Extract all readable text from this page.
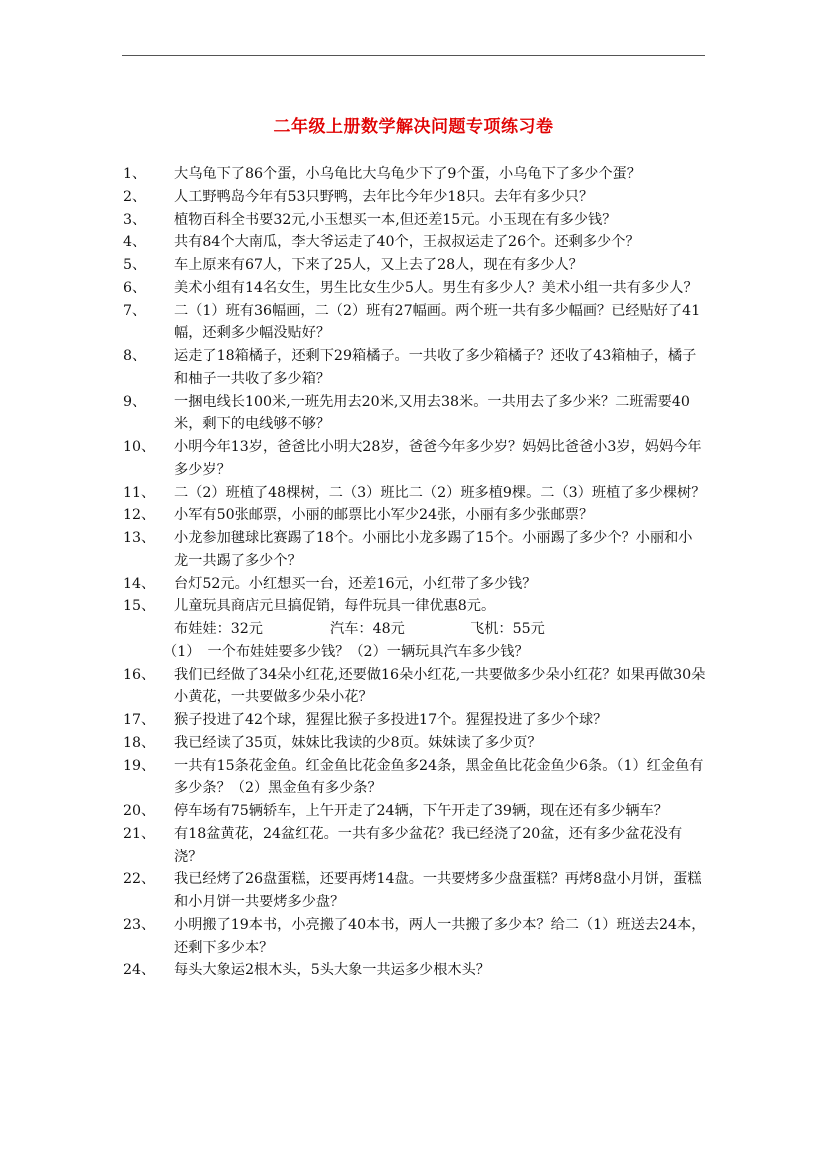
二年级上册数学解决问题专项练习卷
1、	大乌龟下了86个蛋，小乌龟比大乌龟少下了9个蛋，小乌龟下了多少个蛋？
2、	人工野鸭岛今年有53只野鸭，去年比今年少18只。去年有多少只？
3、	植物百科全书要32元,小玉想买一本,但还差15元。小玉现在有多少钱？
4、	共有84个大南瓜，李大爷运走了40个，王叔叔运走了26个。还剩多少个？
5、	车上原来有67人，下来了25人，又上去了28人，现在有多少人？
6、	美术小组有14名女生，男生比女生少5人。男生有多少人？美术小组一共有多少人？
7、	二（1）班有36幅画，二（2）班有27幅画。两个班一共有多少幅画？已经贴好了41幅，还剩多少幅没贴好？
8、	运走了18箱橘子，还剩下29箱橘子。一共收了多少箱橘子？还收了43箱柚子，橘子和柚子一共收了多少箱？
9、	一捆电线长100米,一班先用去20米,又用去38米。一共用去了多少米？二班需要40米，剩下的电线够不够？
10、	小明今年13岁，爸爸比小明大28岁，爸爸今年多少岁？妈妈比爸爸小3岁，妈妈今年多少岁？
11、	二（2）班植了48棵树，二（3）班比二（2）班多植9棵。二（3）班植了多少棵树？
12、	小军有50张邮票，小丽的邮票比小军少24张，小丽有多少张邮票？
13、	小龙参加毽球比赛踢了18个。小丽比小龙多踢了15个。小丽踢了多少个？小丽和小龙一共踢了多少个？
14、	台灯52元。小红想买一台，还差16元，小红带了多少钱？
15、	儿童玩具商店元旦搞促销，每件玩具一律优惠8元。
布娃娃：32元	汽车：48元	飞机：55元
（1）　一个布娃娃要多少钱？（2）一辆玩具汽车多少钱？
16、	我们已经做了34朵小红花,还要做16朵小红花,一共要做多少朵小红花？如果再做30朵小黄花，一共要做多少朵小花？
17、	猴子投进了42个球，猩猩比猴子多投进17个。猩猩投进了多少个球？
18、	我已经读了35页，妹妹比我读的少8页。妹妹读了多少页？
19、	一共有15条花金鱼。红金鱼比花金鱼多24条，黑金鱼比花金鱼少6条。（1）红金鱼有多少条？（2）黑金鱼有多少条？
20、	停车场有75辆轿车，上午开走了24辆，下午开走了39辆，现在还有多少辆车？
21、	有18盆黄花，24盆红花。一共有多少盆花？我已经浇了20盆，还有多少盆花没有浇？
22、	我已经烤了26盘蛋糕，还要再烤14盘。一共要烤多少盘蛋糕？再烤8盘小月饼，蛋糕和小月饼一共要烤多少盘？
23、	小明搬了19本书，小亮搬了40本书，两人一共搬了多少本？给二（1）班送去24本，还剩下多少本？
24、	每头大象运2根木头，5头大象一共运多少根木头？
